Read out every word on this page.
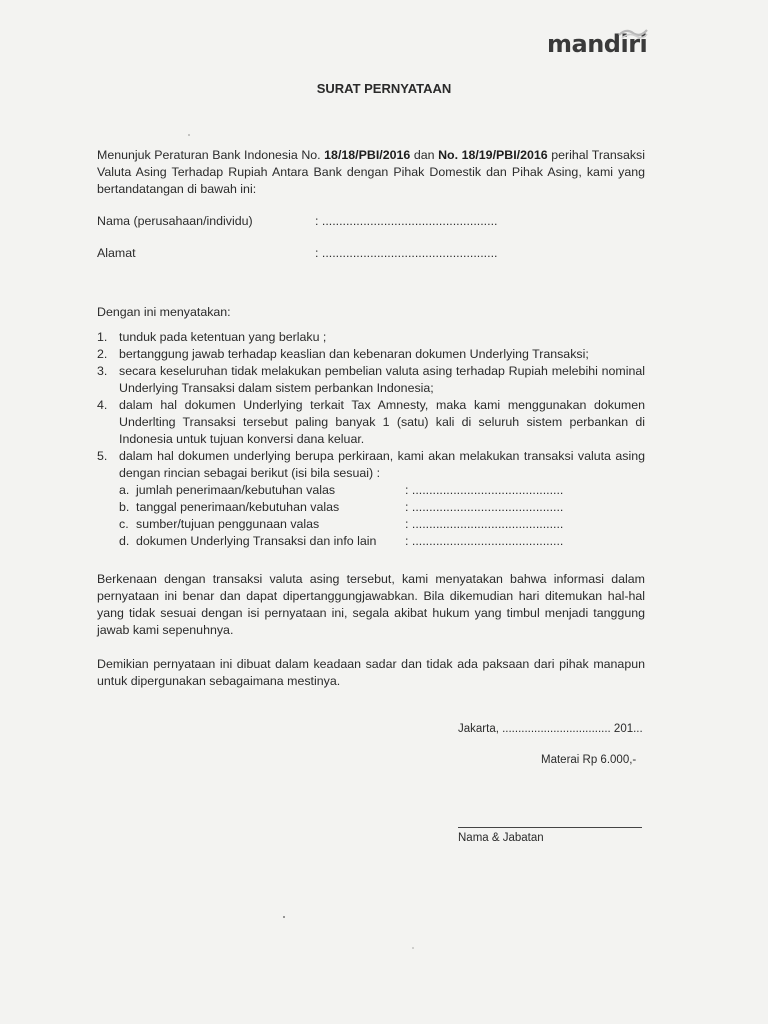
mandiri
SURAT PERNYATAAN
Menunjuk Peraturan Bank Indonesia No. 18/18/PBI/2016 dan No. 18/19/PBI/2016 perihal Transaksi Valuta Asing Terhadap Rupiah Antara Bank dengan Pihak Domestik dan Pihak Asing, kami yang bertandatangan di bawah ini:
Nama (perusahaan/individu)	: ...................................................
Alamat	: ...................................................
Dengan ini menyatakan:
1. tunduk pada ketentuan yang berlaku ;
2. bertanggung jawab terhadap keaslian dan kebenaran dokumen Underlying Transaksi;
3. secara keseluruhan tidak melakukan pembelian valuta asing terhadap Rupiah melebihi nominal Underlying Transaksi dalam sistem perbankan Indonesia;
4. dalam hal dokumen Underlying terkait Tax Amnesty, maka kami menggunakan dokumen Underlting Transaksi tersebut paling banyak 1 (satu) kali di seluruh sistem perbankan di Indonesia untuk tujuan konversi dana keluar.
5. dalam hal dokumen underlying berupa perkiraan, kami akan melakukan transaksi valuta asing dengan rincian sebagai berikut (isi bila sesuai) :
a. jumlah penerimaan/kebutuhan valas	: ............................................
b. tanggal penerimaan/kebutuhan valas	: ............................................
c. sumber/tujuan penggunaan valas	: ............................................
d. dokumen Underlying Transaksi dan info lain : ............................................
Berkenaan dengan transaksi valuta asing tersebut, kami menyatakan bahwa informasi dalam pernyataan ini benar dan dapat dipertanggungjawabkan. Bila dikemudian hari ditemukan hal-hal yang tidak sesuai dengan isi pernyataan ini, segala akibat hukum yang timbul menjadi tanggung jawab kami sepenuhnya.
Demikian pernyataan ini dibuat dalam keadaan sadar dan tidak ada paksaan dari pihak manapun untuk dipergunakan sebagaimana mestinya.
Jakarta, .................................. 201...
Materai Rp 6.000,-
Nama & Jabatan
